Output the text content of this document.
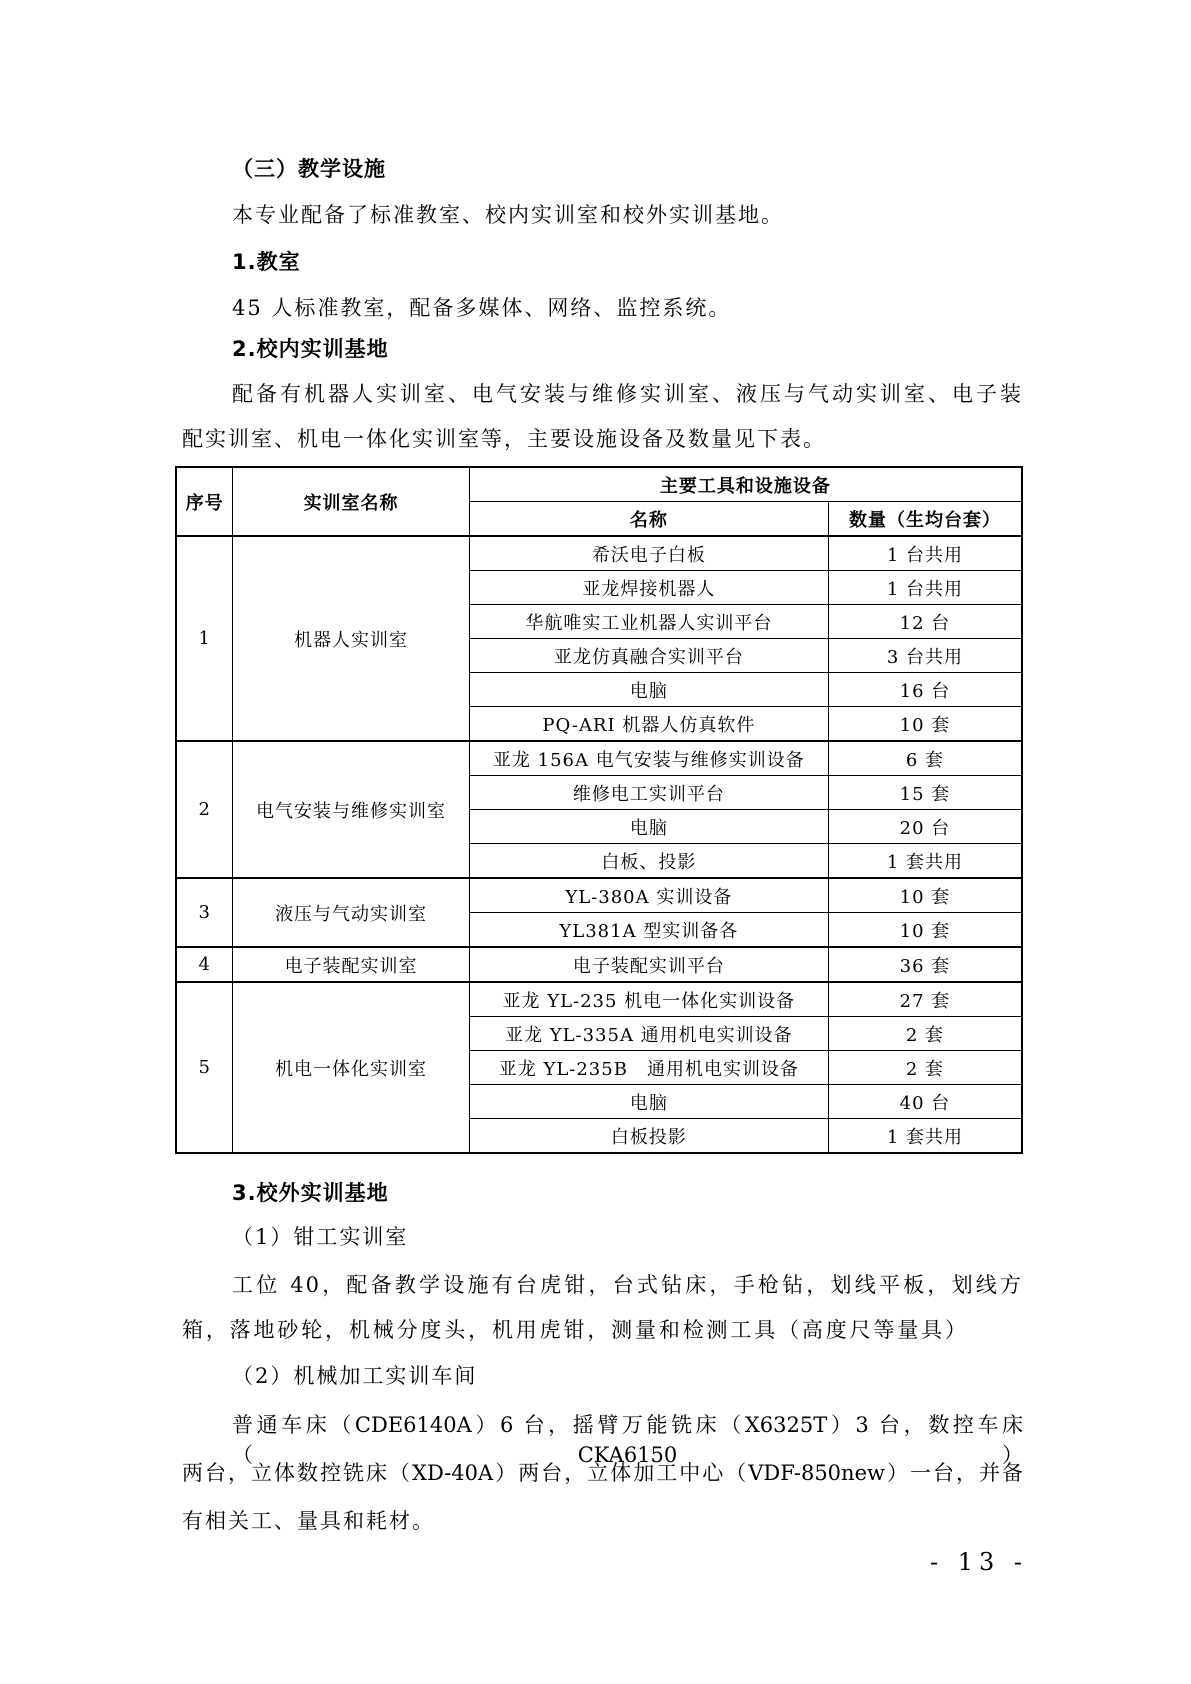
（三）教学设施
本专业配备了标准教室、校内实训室和校外实训基地。
1.教室
45 人标准教室，配备多媒体、网络、监控系统。
2.校内实训基地
配备有机器人实训室、电气安装与维修实训室、液压与气动实训室、电子装
配实训室、机电一体化实训室等，主要设施设备及数量见下表。
序号	实训室名称	主要工具和设施设备	
		名称	数量（生均台套）
1	机器人实训室	希沃电子白板	1 台共用
		亚龙焊接机器人	1 台共用
		华航唯实工业机器人实训平台	12 台
		亚龙仿真融合实训平台	3 台共用
		电脑	16 台
		PQ-ARI 机器人仿真软件	10 套
2	电气安装与维修实训室	亚龙 156A 电气安装与维修实训设备	6 套
		维修电工实训平台	15 套
		电脑	20 台
		白板、投影	1 套共用
3	液压与气动实训室	YL-380A 实训设备	10 套
		YL381A 型实训备各	10 套
4	电子装配实训室	电子装配实训平台	36 套
5	机电一体化实训室	亚龙 YL-235 机电一体化实训设备	27 套
		亚龙 YL-335A 通用机电实训设备	2 套
		亚龙 YL-235B　通用机电实训设备	2 套
		电脑	40 台
		白板投影	1 套共用
3.校外实训基地
（1）钳工实训室
工位 40，配备教学设施有台虎钳，台式钻床，手枪钻，划线平板，划线方
箱，落地砂轮，机械分度头，机用虎钳，测量和检测工具（高度尺等量具）
（2）机械加工实训车间
普通车床（CDE6140A）6 台，摇臂万能铣床（X6325T）3 台，数控车床（CKA6150）
两台，立体数控铣床（XD-40A）两台，立体加工中心（VDF-850new）一台，并备
有相关工、量具和耗材。
- 13 -
